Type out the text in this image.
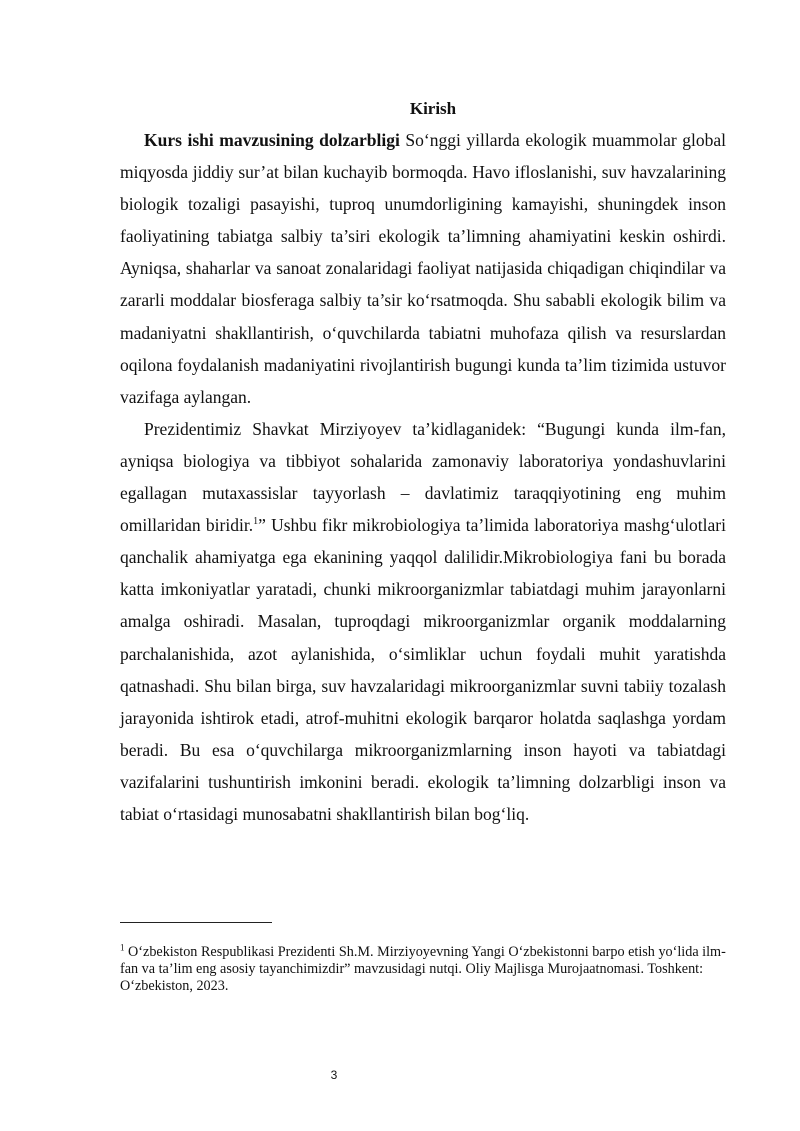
Kirish

Kurs ishi mavzusining dolzarbligi So‘nggi yillarda ekologik muammolar global miqyosda jiddiy sur’at bilan kuchayib bormoqda. Havo ifloslanishi, suv havzalarining biologik tozaligi pasayishi, tuproq unumdorligining kamayishi, shuningdek inson faoliyatining tabiatga salbiy ta’siri ekologik ta’limning ahamiyatini keskin oshirdi. Ayniqsa, shaharlar va sanoat zonalaridagi faoliyat natijasida chiqadigan chiqindilar va zararli moddalar biosferaga salbiy ta’sir ko‘rsatmoqda. Shu sababli ekologik bilim va madaniyatni shakllantirish, o‘quvchilarda tabiatni muhofaza qilish va resurslardan oqilona foydalanish madaniyatini rivojlantirish bugungi kunda ta’lim tizimida ustuvor vazifaga aylangan.

Prezidentimiz Shavkat Mirziyoyev ta’kidlaganidek: “Bugungi kunda ilm-fan, ayniqsa biologiya va tibbiyot sohalarida zamonaviy laboratoriya yondashuvlarini egallagan mutaxassislar tayyorlash – davlatimiz taraqqiyotining eng muhim omillaridan biridir.$^1$” Ushbu fikr mikrobiologiya ta’limida laboratoriya mashg‘ulotlari qanchalik ahamiyatga ega ekanining yaqqol dalilidir.Mikrobiologiya fani bu borada katta imkoniyatlar yaratadi, chunki mikroorganizmlar tabiatdagi muhim jarayonlarni amalga oshiradi. Masalan, tuproqdagi mikroorganizmlar organik moddalarning parchalanishida, azot aylanishida, o‘simliklar uchun foydali muhit yaratishda qatnashadi. Shu bilan birga, suv havzalaridagi mikroorganizmlar suvni tabiiy tozalash jarayonida ishtirok etadi, atrof-muhitni ekologik barqaror holatda saqlashga yordam beradi. Bu esa o‘quvchilarga mikroorganizmlarning inson hayoti va tabiatdagi vazifalarini tushuntirish imkonini beradi. ekologik ta’limning dolzarbligi inson va tabiat o‘rtasidagi munosabatni shakllantirish bilan bog‘liq.

$^1$ O‘zbekiston Respublikasi Prezidenti Sh.M. Mirziyoyevning Yangi O‘zbekistonni barpo etish yo‘lida ilm-fan va ta’lim eng asosiy tayanchimizdir” mavzusidagi nutqi. Oliy Majlisga Murojaatnomasi. Toshkent: O‘zbekiston, 2023.

3
